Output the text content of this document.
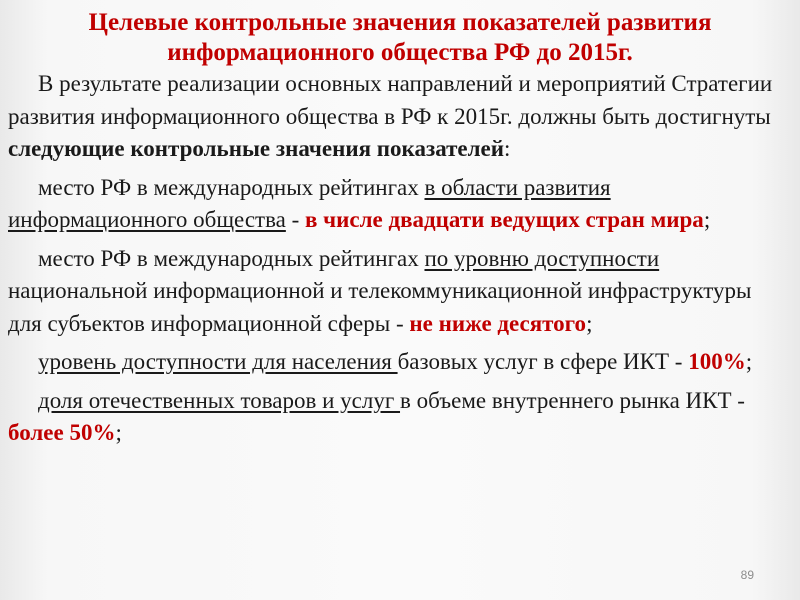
Целевые контрольные значения показателей развития
информационного общества РФ до 2015г.

В результате реализации основных направлений и мероприятий Стратегии развития информационного общества в РФ к 2015г. должны быть достигнуты следующие контрольные значения показателей:

место РФ в международных рейтингах в области развития информационного общества - в числе двадцати ведущих стран мира;

место РФ в международных рейтингах по уровню доступности национальной информационной и телекоммуникационной инфраструктуры для субъектов информационной сферы - не ниже десятого;

уровень доступности для населения базовых услуг в сфере ИКТ - 100%;

доля отечественных товаров и услуг в объеме внутреннего рынка ИКТ - более 50%;

89
